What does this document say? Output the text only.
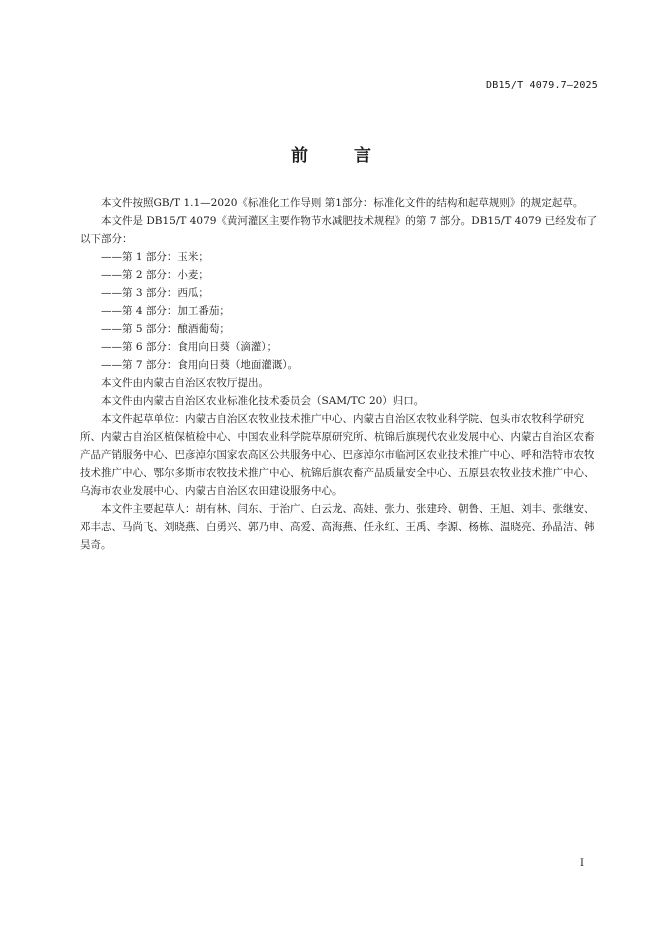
DB15/T 4079.7—2025
前 言

本文件按照GB/T 1.1—2020《标准化工作导则 第1部分：标准化文件的结构和起草规则》的规定起草。

本文件是 DB15/T 4079《黄河灌区主要作物节水减肥技术规程》的第 7 部分。DB15/T 4079 已经发布了以下部分：

——第 1 部分：玉米；
——第 2 部分：小麦；
——第 3 部分：西瓜；
——第 4 部分：加工番茄；
——第 5 部分：酿酒葡萄；
——第 6 部分：食用向日葵（滴灌）；
——第 7 部分：食用向日葵（地面灌溉）。

本文件由内蒙古自治区农牧厅提出。

本文件由内蒙古自治区农业标准化技术委员会（SAM/TC 20）归口。

本文件起草单位：内蒙古自治区农牧业技术推广中心、内蒙古自治区农牧业科学院、包头市农牧科学研究所、内蒙古自治区植保植检中心、中国农业科学院草原研究所、杭锦后旗现代农业发展中心、内蒙古自治区农畜产品产销服务中心、巴彦淖尔国家农高区公共服务中心、巴彦淖尔市临河区农业技术推广中心、呼和浩特市农牧技术推广中心、鄂尔多斯市农牧技术推广中心、杭锦后旗农畜产品质量安全中心、五原县农牧业技术推广中心、乌海市农业发展中心、内蒙古自治区农田建设服务中心。

本文件主要起草人：胡有林、闫东、于治广、白云龙、高娃、张力、张建玲、朝鲁、王旭、刘丰、张继安、邓丰志、马尚飞、刘晓燕、白勇兴、郭乃申、高爱、高海燕、任永红、王禹、李源、杨栋、温晓亮、孙晶洁、韩昊奇。

I
